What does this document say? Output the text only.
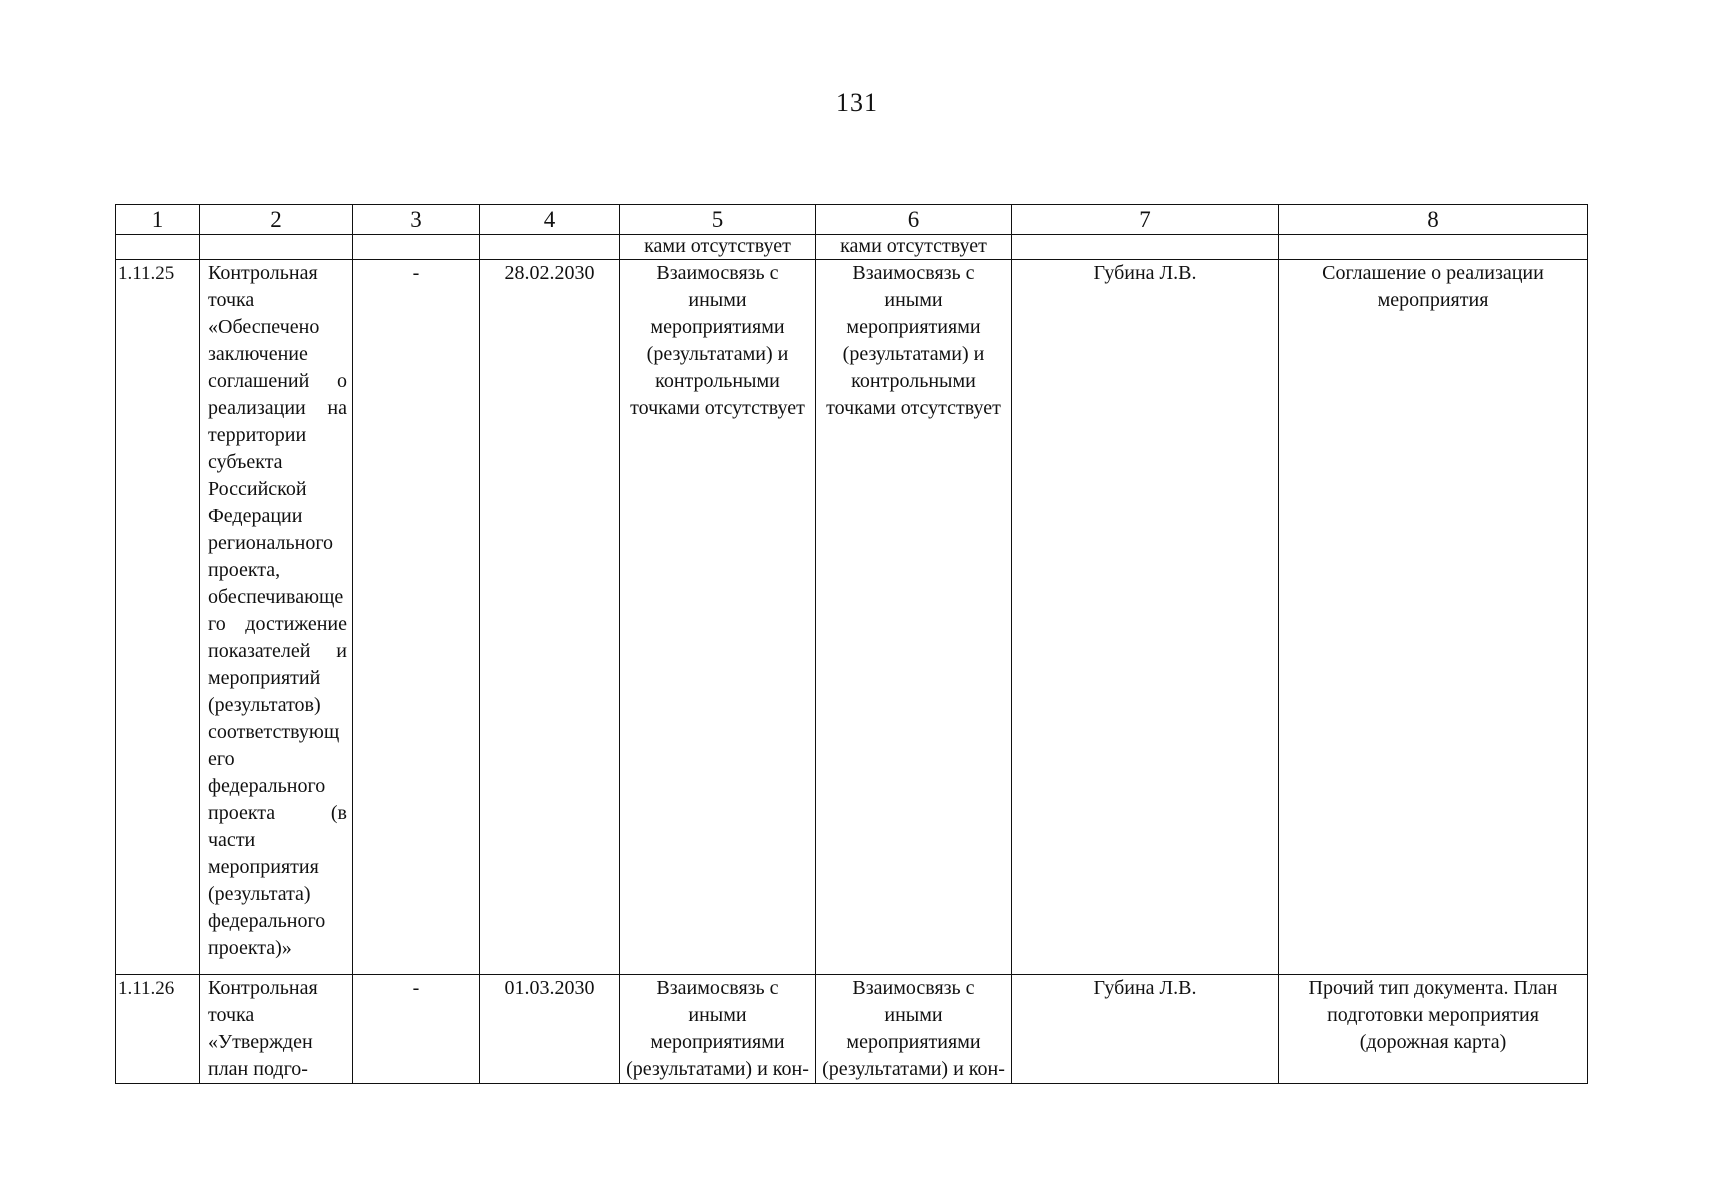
131
1	2	3	4	5	6	7	8
				ками отсутствует	ками отсутствует		
1.11.25	Контрольная точка «Обеспечено заключение соглашений о реализации на территории субъекта Российской Федерации регионального проекта, обеспечивающего достижение показателей и мероприятий (результатов) соответствующего федерального проекта (в части мероприятия (результата) федерального проекта)»	-	28.02.2030	Взаимосвязь с иными мероприятиями (результатами) и контрольными точками отсутствует	Взаимосвязь с иными мероприятиями (результатами) и контрольными точками отсутствует	Губина Л.В.	Соглашение о реализации мероприятия
1.11.26	Контрольная точка «Утвержден план подго-	-	01.03.2030	Взаимосвязь с иными мероприятиями (результатами) и кон-	Взаимосвязь с иными мероприятиями (результатами) и кон-	Губина Л.В.	Прочий тип документа. План подготовки мероприятия (дорожная карта)
